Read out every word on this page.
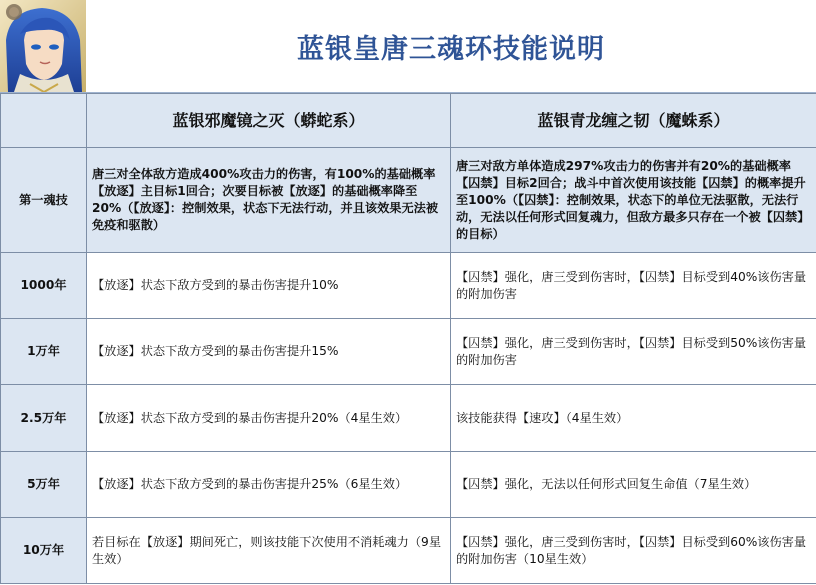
蓝银皇唐三魂环技能说明
	蓝银邪魔镜之灭（蟒蛇系）	蓝银青龙缠之韧（魔蛛系）
第一魂技	唐三对全体敌方造成400%攻击力的伤害，有100%的基础概率【放逐】主目标1回合；次要目标被【放逐】的基础概率降至20%（【放逐】：控制效果，状态下无法行动，并且该效果无法被免疫和驱散）	唐三对敌方单体造成297%攻击力的伤害并有20%的基础概率【囚禁】目标2回合；战斗中首次使用该技能【囚禁】的概率提升至100%（【囚禁】：控制效果，状态下的单位无法驱散，无法行动，无法以任何形式回复魂力，但敌方最多只存在一个被【囚禁】的目标）
1000年	【放逐】状态下敌方受到的暴击伤害提升10%	【囚禁】强化，唐三受到伤害时，【囚禁】目标受到40%该伤害量的附加伤害
1万年	【放逐】状态下敌方受到的暴击伤害提升15%	【囚禁】强化，唐三受到伤害时，【囚禁】目标受到50%该伤害量的附加伤害
2.5万年	【放逐】状态下敌方受到的暴击伤害提升20%（4星生效）	该技能获得【速攻】（4星生效）
5万年	【放逐】状态下敌方受到的暴击伤害提升25%（6星生效）	【囚禁】强化，无法以任何形式回复生命值（7星生效）
10万年	若目标在【放逐】期间死亡，则该技能下次使用不消耗魂力（9星生效）	【囚禁】强化，唐三受到伤害时，【囚禁】目标受到60%该伤害量的附加伤害（10星生效）
